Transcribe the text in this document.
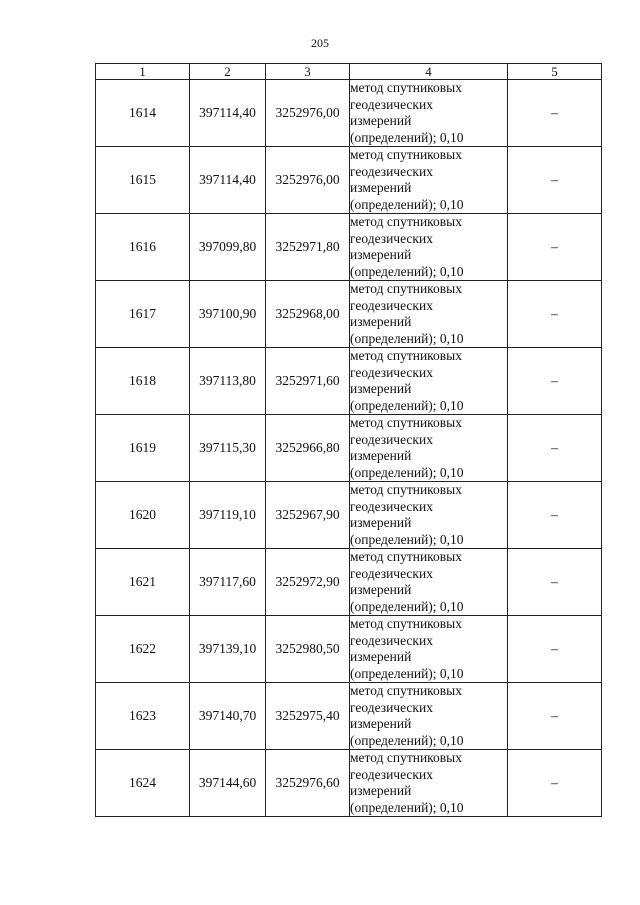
205
1	2	3	4	5
1614	397114,40	3252976,00	метод спутниковых
геодезических
измерений
(определений); 0,10	–
1615	397114,40	3252976,00	метод спутниковых
геодезических
измерений
(определений); 0,10	–
1616	397099,80	3252971,80	метод спутниковых
геодезических
измерений
(определений); 0,10	–
1617	397100,90	3252968,00	метод спутниковых
геодезических
измерений
(определений); 0,10	–
1618	397113,80	3252971,60	метод спутниковых
геодезических
измерений
(определений); 0,10	–
1619	397115,30	3252966,80	метод спутниковых
геодезических
измерений
(определений); 0,10	–
1620	397119,10	3252967,90	метод спутниковых
геодезических
измерений
(определений); 0,10	–
1621	397117,60	3252972,90	метод спутниковых
геодезических
измерений
(определений); 0,10	–
1622	397139,10	3252980,50	метод спутниковых
геодезических
измерений
(определений); 0,10	–
1623	397140,70	3252975,40	метод спутниковых
геодезических
измерений
(определений); 0,10	–
1624	397144,60	3252976,60	метод спутниковых
геодезических
измерений
(определений); 0,10	–
